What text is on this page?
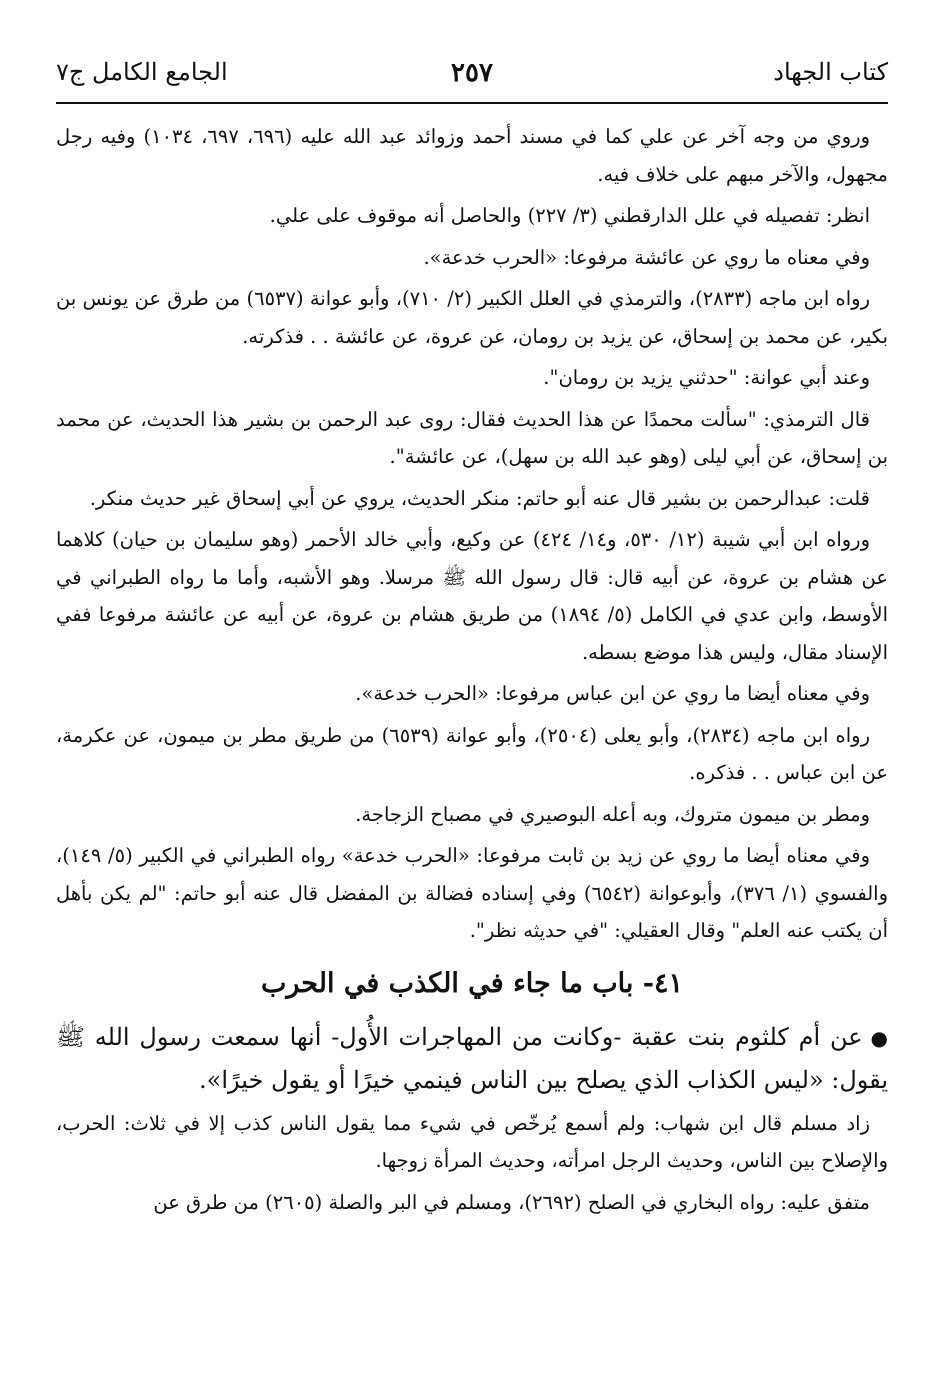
كتاب الجهاد
٢٥٧
الجامع الكامل ج٧

وروي من وجه آخر عن علي كما في مسند أحمد وزوائد عبد الله عليه (٦٩٦، ٦٩٧، ١٠٣٤) وفيه رجل مجهول، والآخر مبهم على خلاف فيه.

انظر: تفصيله في علل الدارقطني (٣/ ٢٢٧) والحاصل أنه موقوف على علي.

وفي معناه ما روي عن عائشة مرفوعا: «الحرب خدعة».

رواه ابن ماجه (٢٨٣٣)، والترمذي في العلل الكبير (٢/ ٧١٠)، وأبو عوانة (٦٥٣٧) من طرق عن يونس بن بكير، عن محمد بن إسحاق، عن يزيد بن رومان، عن عروة، عن عائشة . . فذكرته.

وعند أبي عوانة: "حدثني يزيد بن رومان".

قال الترمذي: "سألت محمدًا عن هذا الحديث فقال: روى عبد الرحمن بن بشير هذا الحديث، عن محمد بن إسحاق، عن أبي ليلى (وهو عبد الله بن سهل)، عن عائشة".

قلت: عبدالرحمن بن بشير قال عنه أبو حاتم: منكر الحديث، يروي عن أبي إسحاق غير حديث منكر.

ورواه ابن أبي شيبة (١٢/ ٥٣٠، و١٤/ ٤٢٤) عن وكيع، وأبي خالد الأحمر (وهو سليمان بن حيان) كلاهما عن هشام بن عروة، عن أبيه قال: قال رسول الله ﷺ مرسلا. وهو الأشبه، وأما ما رواه الطبراني في الأوسط، وابن عدي في الكامل (٥/ ١٨٩٤) من طريق هشام بن عروة، عن أبيه عن عائشة مرفوعا ففي الإسناد مقال، وليس هذا موضع بسطه.

وفي معناه أيضا ما روي عن ابن عباس مرفوعا: «الحرب خدعة».

رواه ابن ماجه (٢٨٣٤)، وأبو يعلى (٢٥٠٤)، وأبو عوانة (٦٥٣٩) من طريق مطر بن ميمون، عن عكرمة، عن ابن عباس . . فذكره.

ومطر بن ميمون متروك، وبه أعله البوصيري في مصباح الزجاجة.

وفي معناه أيضا ما روي عن زيد بن ثابت مرفوعا: «الحرب خدعة» رواه الطبراني في الكبير (٥/ ١٤٩)، والفسوي (١/ ٣٧٦)، وأبوعوانة (٦٥٤٢) وفي إسناده فضالة بن المفضل قال عنه أبو حاتم: "لم يكن بأهل أن يكتب عنه العلم" وقال العقيلي: "في حديثه نظر".

٤١- باب ما جاء في الكذب في الحرب

●عن أم كلثوم بنت عقبة -وكانت من المهاجرات الأُول- أنها سمعت رسول الله ﷺ يقول: «ليس الكذاب الذي يصلح بين الناس فينمي خيرًا أو يقول خيرًا».

زاد مسلم قال ابن شهاب: ولم أسمع يُرخّص في شيء مما يقول الناس كذب إلا في ثلاث: الحرب، والإصلاح بين الناس، وحديث الرجل امرأته، وحديث المرأة زوجها.

متفق عليه: رواه البخاري في الصلح (٢٦٩٢)، ومسلم في البر والصلة (٢٦٠٥) من طرق عن
